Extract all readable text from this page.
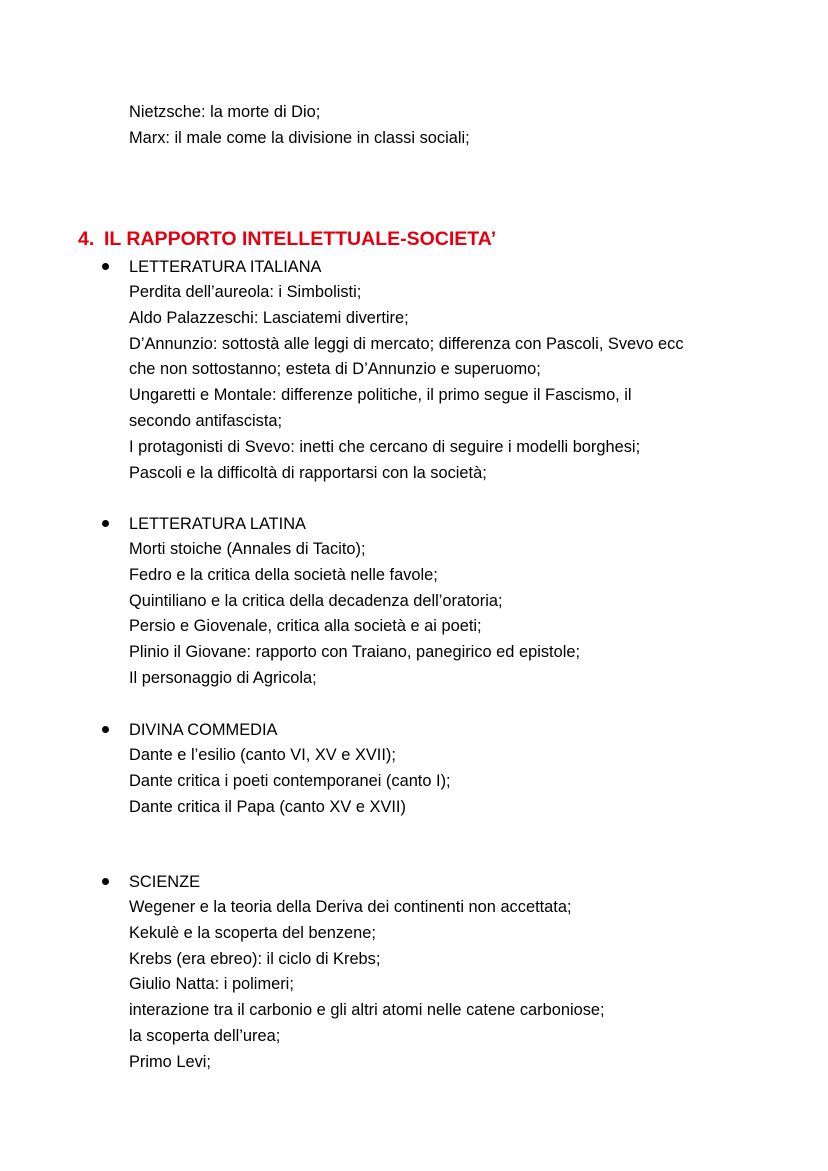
Nietzsche: la morte di Dio;
Marx: il male come la divisione in classi sociali;
4. IL RAPPORTO INTELLETTUALE-SOCIETA’
LETTERATURA ITALIANA
Perdita dell’aureola: i Simbolisti;
Aldo Palazzeschi: Lasciatemi divertire;
D’Annunzio: sottostà alle leggi di mercato; differenza con Pascoli, Svevo ecc
che non sottostanno; esteta di D’Annunzio e superuomo;
Ungaretti e Montale: differenze politiche, il primo segue il Fascismo, il
secondo antifascista;
I protagonisti di Svevo: inetti che cercano di seguire i modelli borghesi;
Pascoli e la difficoltà di rapportarsi con la società;
LETTERATURA LATINA
Morti stoiche (Annales di Tacito);
Fedro e la critica della società nelle favole;
Quintiliano e la critica della decadenza dell’oratoria;
Persio e Giovenale, critica alla società e ai poeti;
Plinio il Giovane: rapporto con Traiano, panegirico ed epistole;
Il personaggio di Agricola;
DIVINA COMMEDIA
Dante e l’esilio (canto VI, XV e XVII);
Dante critica i poeti contemporanei (canto I);
Dante critica il Papa (canto XV e XVII)
SCIENZE
Wegener e la teoria della Deriva dei continenti non accettata;
Kekulè e la scoperta del benzene;
Krebs (era ebreo): il ciclo di Krebs;
Giulio Natta: i polimeri;
interazione tra il carbonio e gli altri atomi nelle catene carboniose;
la scoperta dell’urea;
Primo Levi;
